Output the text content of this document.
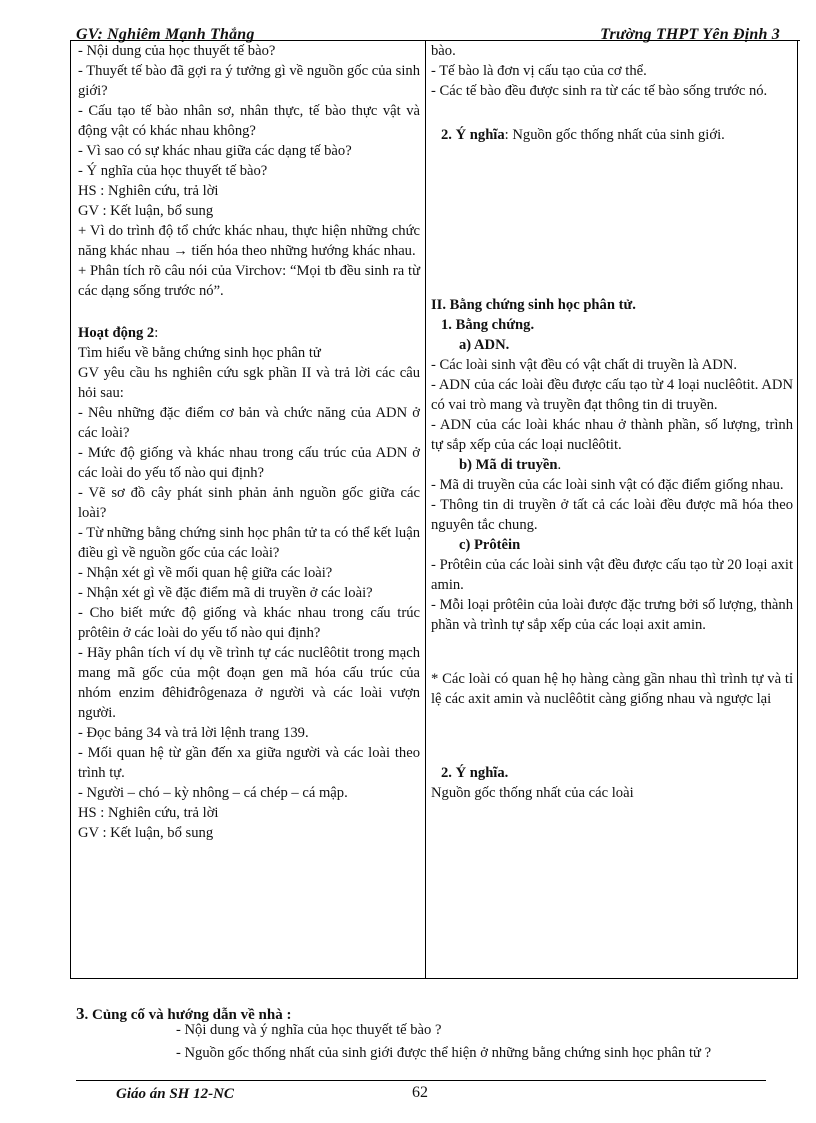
GV: Nghiêm Mạnh Thắng	Trường THPT Yên Định 3

- Nội dung của học thuyết tế bào?

- Thuyết tế bào đã gợi ra ý tưởng gì về nguồn gốc của sinh giới?

- Cấu tạo tế bào nhân sơ, nhân thực, tế bào thực vật và động vật có khác nhau không?

- Vì sao có sự khác nhau giữa các dạng tế bào?

- Ý nghĩa của học thuyết tế bào?

HS : Nghiên cứu, trả lời

GV : Kết luận, bổ sung

+ Vì do trình độ tổ chức khác nhau, thực hiện những chức năng khác nhau → tiến hóa theo những hướng khác nhau.

+ Phân tích rõ câu nói của Virchov: “Mọi tb đều sinh ra từ các dạng sống trước nó”.

Hoạt động 2:

Tìm hiểu về bằng chứng sinh học phân tử

GV yêu cầu hs nghiên cứu sgk phần II và trả lời các câu hỏi sau:

- Nêu những đặc điểm cơ bản và chức năng của ADN ở các loài?

- Mức độ giống và khác nhau trong cấu trúc của ADN ở các loài do yếu tố nào qui định?

- Vẽ sơ đồ cây phát sinh phản ảnh nguồn gốc giữa các loài?

- Từ những bằng chứng sinh học phân tử ta có thể kết luận điều gì về nguồn gốc của các loài?

- Nhận xét gì về mối quan hệ giữa các loài?

- Nhận xét gì về đặc điểm mã di truyền ở các loài?

- Cho biết mức độ giống và khác nhau trong cấu trúc prôtêin ở các loài do yếu tố nào qui định?

- Hãy phân tích ví dụ về trình tự các nuclêôtit trong mạch mang mã gốc của một đoạn gen mã hóa cấu trúc của nhóm enzim đêhiđrôgenaza ở người và các loài vượn người.

- Đọc bảng 34 và trả lời lệnh trang 139.

- Mối quan hệ từ gần đến xa giữa người và các loài theo trình tự.

- Người – chó – kỳ nhông – cá chép – cá mập.

HS : Nghiên cứu, trả lời

GV : Kết luận, bổ sung

bào.

- Tế bào là đơn vị cấu tạo của cơ thể.

- Các tế bào đều được sinh ra từ các tế bào sống trước nó.

2. Ý nghĩa: Nguồn gốc thống nhất của sinh giới.

II. Bằng chứng sinh học phân tử.

1. Bằng chứng.

a) ADN.

- Các loài sinh vật đều có vật chất di truyền là ADN.

- ADN của các loài đều được cấu tạo từ 4 loại nuclêôtit. ADN có vai trò mang và truyền đạt thông tin di truyền.

- ADN của các loài khác nhau ở thành phần, số lượng, trình tự sắp xếp của các loại nuclêôtit.

b) Mã di truyền.

- Mã di truyền của các loài sinh vật có đặc điểm giống nhau.

- Thông tin di truyền ở tất cả các loài đều được mã hóa theo nguyên tắc chung.

c) Prôtêin

- Prôtêin của các loài sinh vật đều được cấu tạo từ 20 loại axit amin.

- Mỗi loại prôtêin của loài được đặc trưng bởi số lượng, thành phần và trình tự sắp xếp của các loại axit amin.

* Các loài có quan hệ họ hàng càng gần nhau thì trình tự và tỉ lệ các axit amin và nuclêôtit càng giống nhau và ngược lại

2. Ý nghĩa.

Nguồn gốc thống nhất của các loài

3. Củng cố và hướng dẫn về nhà :
- Nội dung và ý nghĩa của học thuyết tế bào ?
- Nguồn gốc thống nhất của sinh giới được thể hiện ở những bằng chứng sinh học phân tử ?
Giáo án SH 12-NC	62
